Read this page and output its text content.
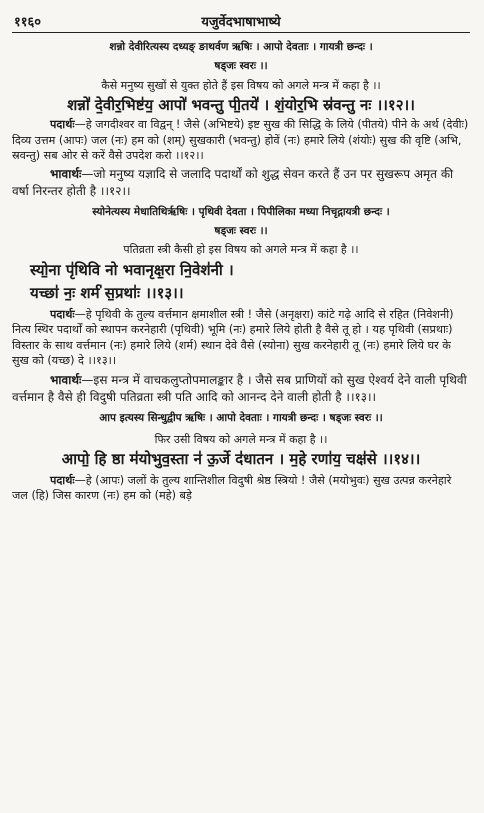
११६०	यजुर्वेदभाषाभाष्ये
शन्नो देवीरित्यस्य दध्यङ् ङाथर्वण ऋषिः । आपो देवताः । गायत्री छन्दः ।
षड्जः स्वरः ।।
कैसे मनुष्य सुखों से युक्त होते हैं इस विषय को अगले मन्त्र में कहा है ।।
शन्नो॑ दे॒वीर॒भिष्ट॑य॒ आपो॑ भवन्तु पी॒तये॑ । शं॒योर॒भि स्र॑वन्तु नः ।।१२।।
पदार्थः—हे जगदीश्वर वा विद्वन् ! जैसे (अभिष्टये) इष्ट सुख की सिद्धि के लिये (पीतये) पीने के अर्थ (देवीः) दिव्य उत्तम (आपः) जल (नः) हम को (शम्) सुखकारी (भवन्तु) होवें (नः) हमारे लिये (शंयोः) सुख की वृष्टि (अभि, स्रवन्तु) सब ओर से करें वैसे उपदेश करो ।।१२।।
भावार्थः—जो मनुष्य यज्ञादि से जलादि पदार्थों को शुद्ध सेवन करते हैं उन पर सुखरूप अमृत की वर्षा निरन्तर होती है ।।१२।।
स्योनेत्यस्य मेधातिथिर्ऋषिः । पृथिवी देवता । पिपीलिका मध्या निचृद्गायत्री छन्दः ।
षड्जः स्वरः ।।
पतिव्रता स्त्री कैसी हो इस विषय को अगले मन्त्र में कहा है ।।
स्यो॒ना पृ॑थिवि नो भवानृक्ष॒रा नि॒वेश॑नी ।
यच्छा॑ नः॒ शर्म॑ स॒प्रथाः॑ ।।१३।।
पदार्थः—हे पृथिवी के तुल्य वर्त्तमान क्षमाशील स्त्री ! जैसे (अनृक्षरा) कांटे गढ़े आदि से रहित (निवेशनी) नित्य स्थिर पदार्थों को स्थापन करनेहारी (पृथिवी) भूमि (नः) हमारे लिये होती है वैसे तू हो । यह पृथिवी (सप्रथाः) विस्तार के साथ वर्त्तमान (नः) हमारे लिये (शर्म) स्थान देवे वैसे (स्योना) सुख करनेहारी तू (नः) हमारे लिये घर के सुख को (यच्छ) दे ।।१३।।
भावार्थः—इस मन्त्र में वाचकलुप्तोपमालङ्कार है । जैसे सब प्राणियों को सुख ऐश्वर्य देने वाली पृथिवी वर्त्तमान है वैसे ही विदुषी पतिव्रता स्त्री पति आदि को आनन्द देने वाली होती है ।।१३।।
आप इत्यस्य सिन्धुद्वीप ऋषिः । आपो देवताः । गायत्री छन्दः । षड्जः स्वरः ।।
फिर उसी विषय को अगले मन्त्र में कहा है ।।
आपो॒ हि ष्ठा म॑योभुव॒स्ता न॑ ऊ॒र्जे द॑धातन । म॒हे रणा॑य॒ चक्ष॑से ।।१४।।
पदार्थः—हे (आपः) जलों के तुल्य शान्तिशील विदुषी श्रेष्ठ स्त्रियो ! जैसे (मयोभुवः) सुख उत्पन्न करनेहारे जल (हि) जिस कारण (नः) हम को (महे) बड़े
